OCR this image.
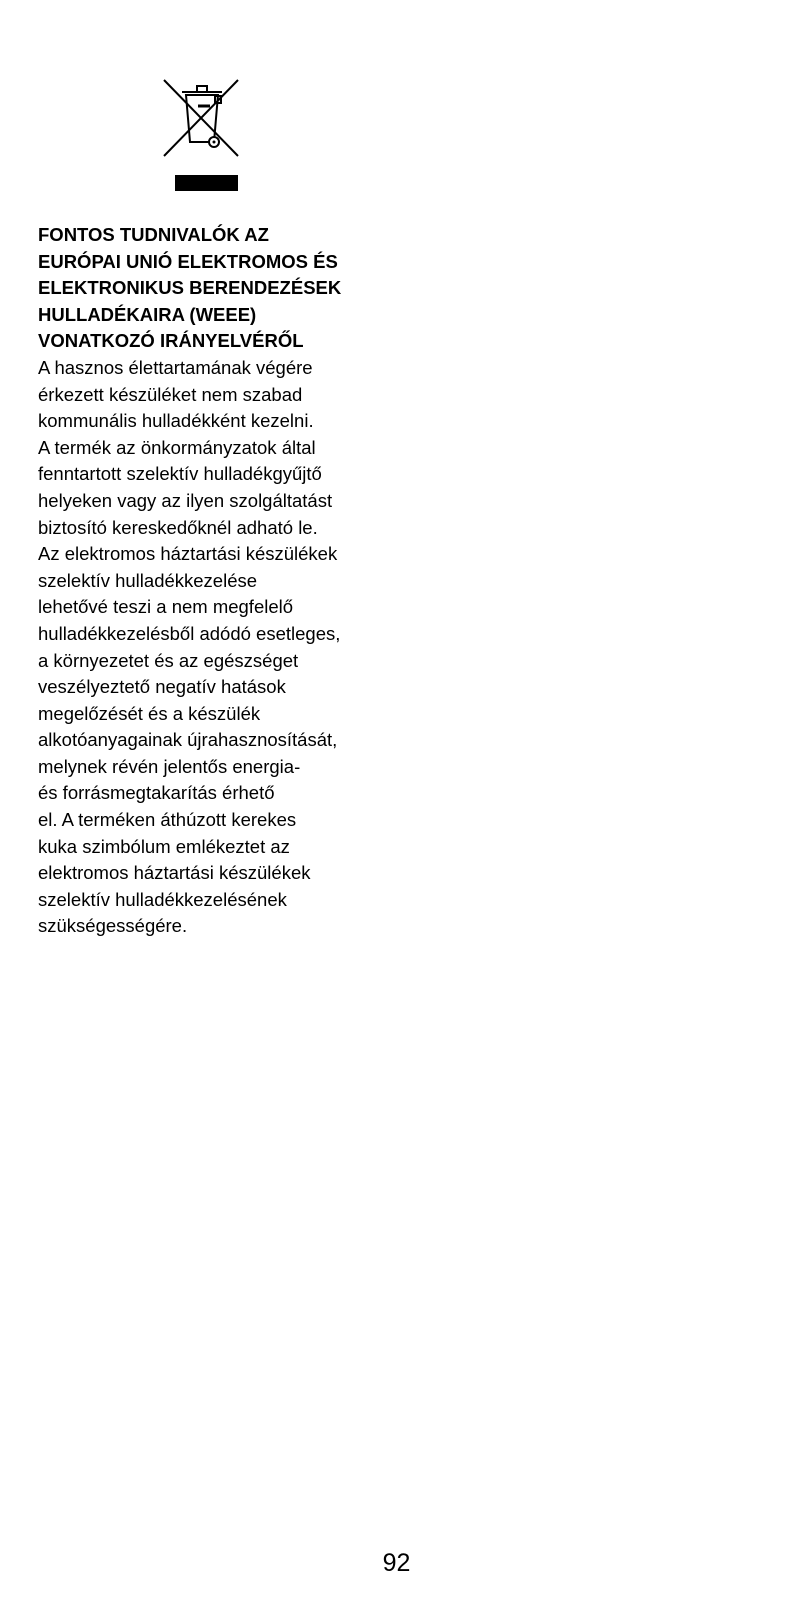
FONTOS TUDNIVALÓK AZ
EURÓPAI UNIÓ ELEKTROMOS ÉS
ELEKTRONIKUS BERENDEZÉSEK
HULLADÉKAIRA (WEEE)
VONATKOZÓ IRÁNYELVÉRŐL

A hasznos élettartamának végére
érkezett készüléket nem szabad
kommunális hulladékként kezelni.
A termék az önkormányzatok által
fenntartott szelektív hulladékgyűjtő
helyeken vagy az ilyen szolgáltatást
biztosító kereskedőknél adható le.
Az elektromos háztartási készülékek
szelektív hulladékkezelése
lehetővé teszi a nem megfelelő
hulladékkezelésből adódó esetleges,
a környezetet és az egészséget
veszélyeztető negatív hatások
megelőzését és a készülék
alkotóanyagainak újrahasznosítását,
melynek révén jelentős energia-
és forrásmegtakarítás érhető
el. A terméken áthúzott kerekes
kuka szimbólum emlékeztet az
elektromos háztartási készülékek
szelektív hulladékkezelésének
szükségességére.

92
